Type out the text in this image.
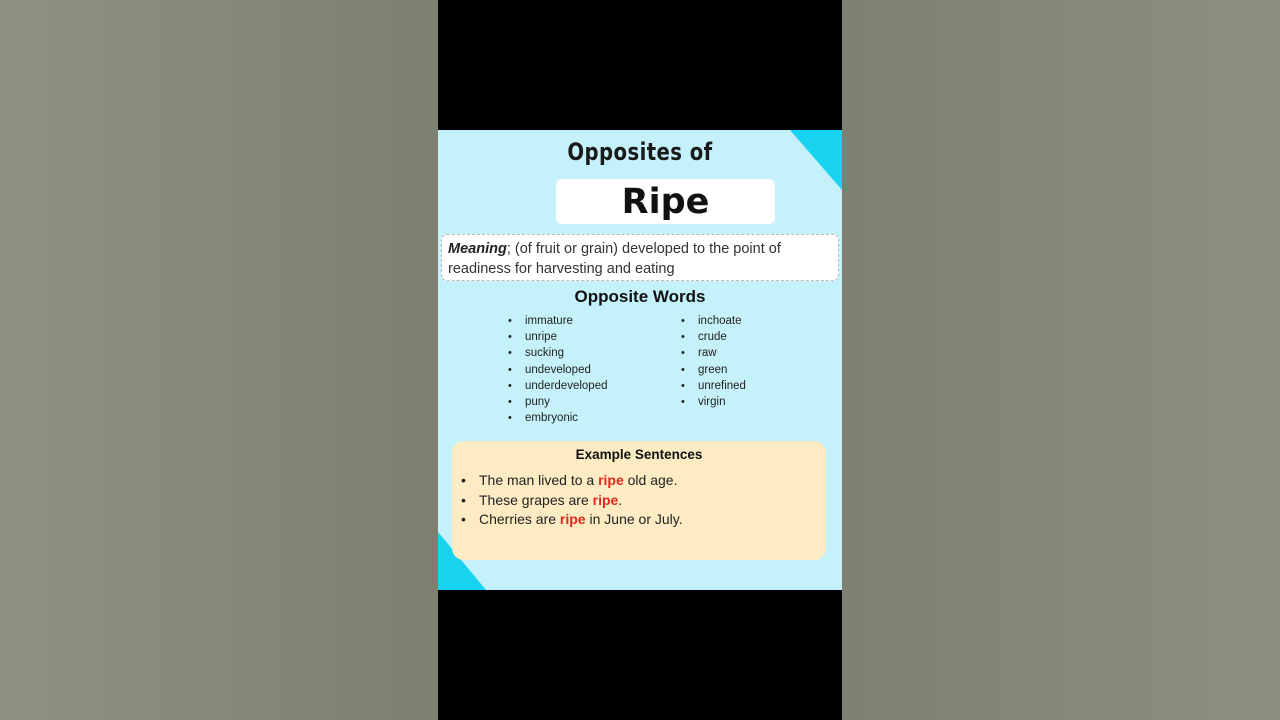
Opposites of
Ripe
Meaning; (of fruit or grain) developed to the point of readiness for harvesting and eating
Opposite Words
• immature
• unripe
• sucking
• undeveloped
• underdeveloped
• puny
• embryonic
• inchoate
• crude
• raw
• green
• unrefined
• virgin
Example Sentences
• The man lived to a ripe old age.
• These grapes are ripe.
• Cherries are ripe in June or July.
